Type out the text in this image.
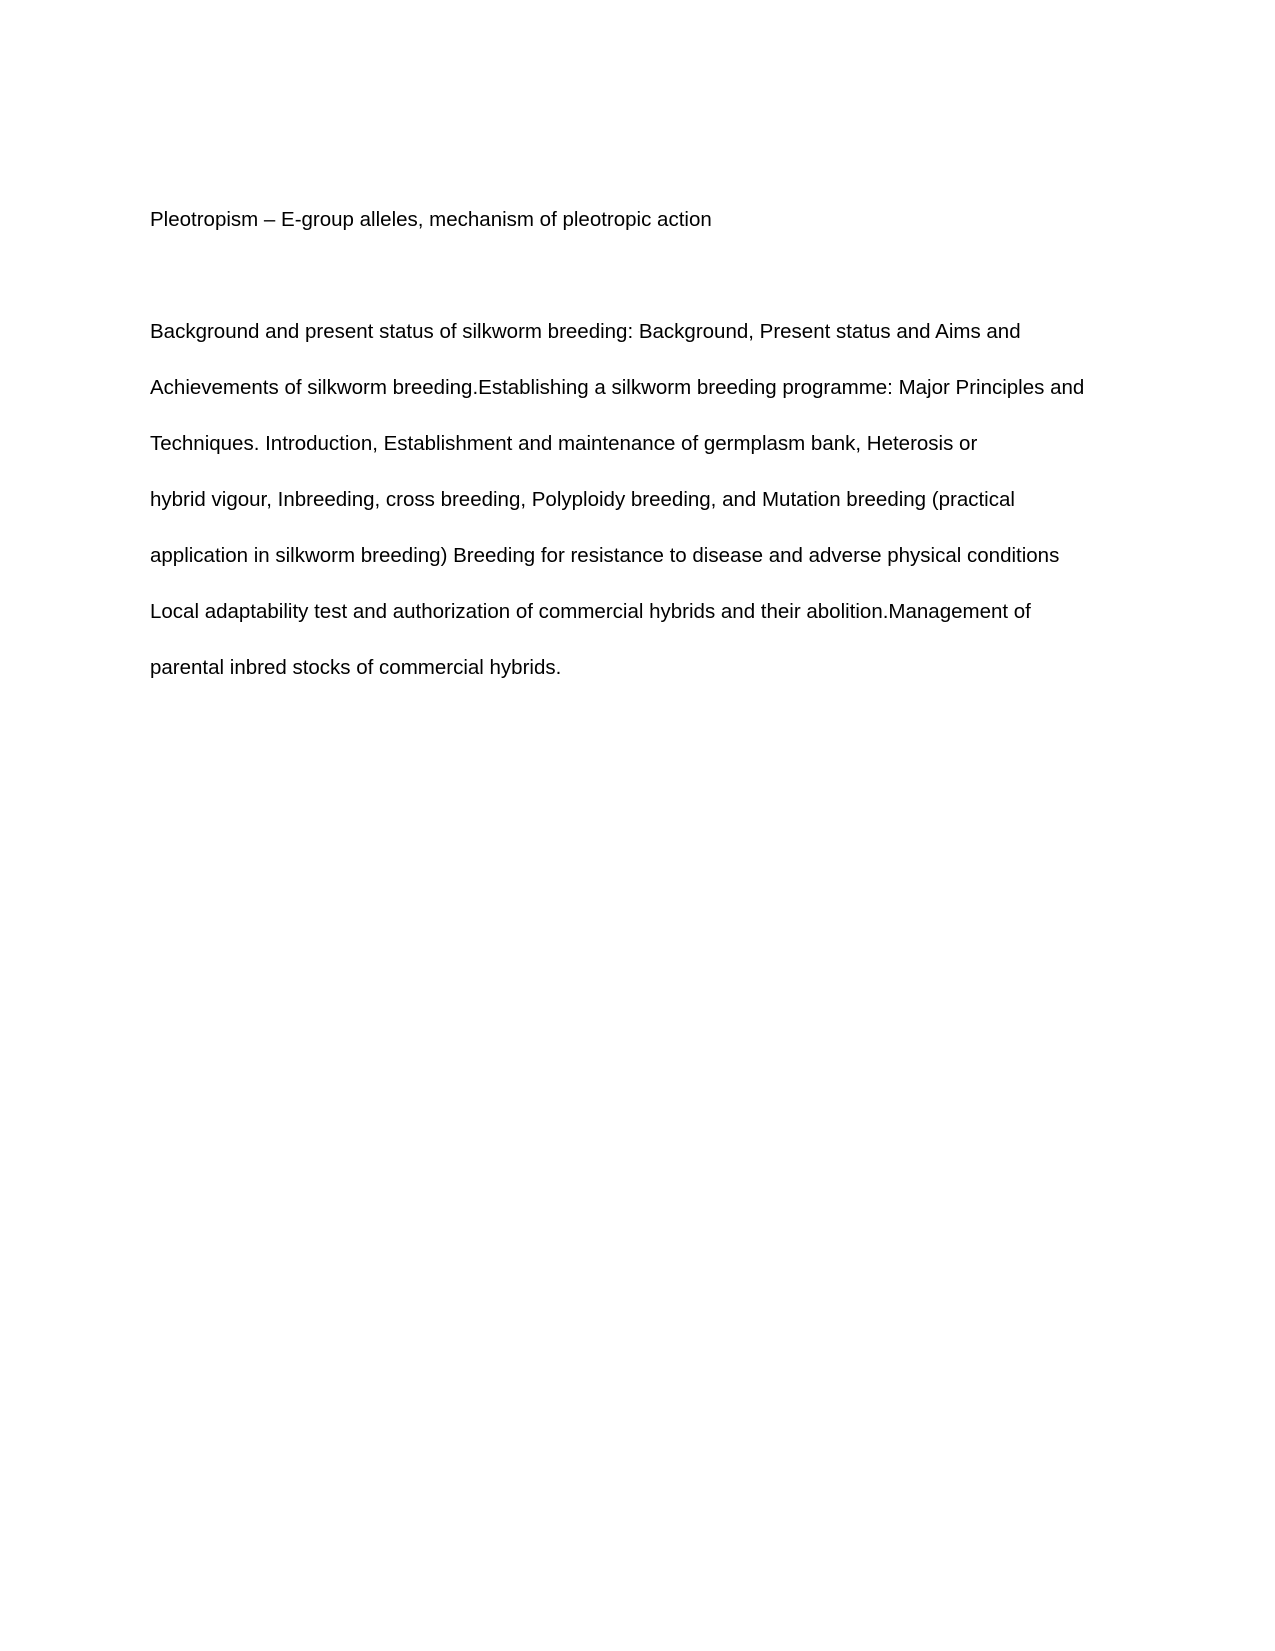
Pleotropism – E-group alleles, mechanism of pleotropic action
Background and present status of silkworm breeding: Background, Present status and Aims and
Achievements of silkworm breeding.Establishing a silkworm breeding programme: Major Principles and
Techniques. Introduction, Establishment and maintenance of germplasm bank, Heterosis or
hybrid vigour, Inbreeding, cross breeding, Polyploidy breeding, and Mutation breeding (practical
application in silkworm breeding) Breeding for resistance to disease and adverse physical conditions
Local adaptability test and authorization of commercial hybrids and their abolition.Management of
parental inbred stocks of commercial hybrids.
